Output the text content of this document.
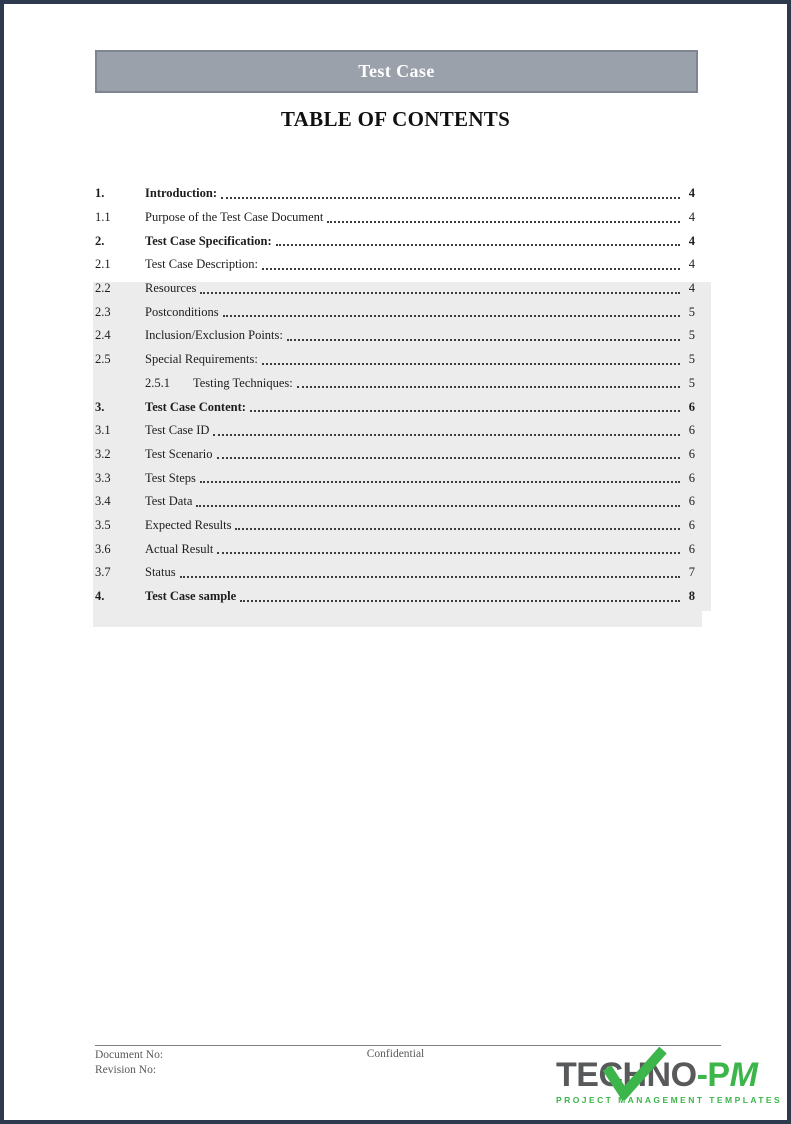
Test Case
TABLE OF CONTENTS
1.	Introduction:	4
1.1	Purpose of the Test Case Document	4
2.	Test Case Specification:	4
2.1	Test Case Description:	4
2.2	Resources	4
2.3	Postconditions	5
2.4	Inclusion/Exclusion Points:	5
2.5	Special Requirements:	5
2.5.1	Testing Techniques:	5
3.	Test Case Content:	6
3.1	Test Case ID	6
3.2	Test Scenario	6
3.3	Test Steps	6
3.4	Test Data	6
3.5	Expected Results	6
3.6	Actual Result	6
3.7	Status	7
4.	Test Case sample	8
Document No:
Revision No:
Confidential
TECHNO-PM
PROJECT MANAGEMENT TEMPLATES
